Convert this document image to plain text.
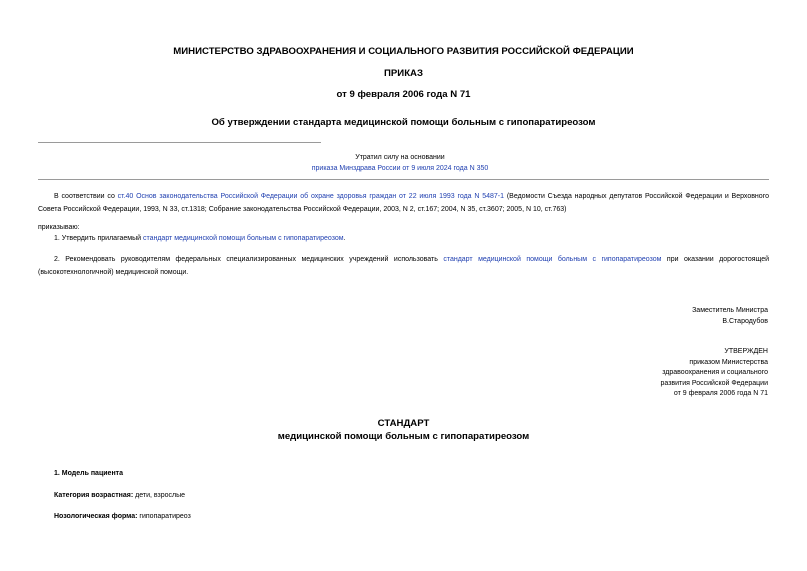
МИНИСТЕРСТВО ЗДРАВООХРАНЕНИЯ И СОЦИАЛЬНОГО РАЗВИТИЯ РОССИЙСКОЙ ФЕДЕРАЦИИ
ПРИКАЗ
от 9 февраля 2006 года N 71
Об утверждении стандарта медицинской помощи больным с гипопаратиреозом
Утратил силу на основании
приказа Минздрава России от 9 июля 2024 года N 350
В соответствии со ст.40 Основ законодательства Российской Федерации об охране здоровья граждан от 22 июля 1993 года N 5487-1 (Ведомости Съезда народных депутатов Российской Федерации и Верховного Совета Российской Федерации, 1993, N 33, ст.1318; Собрание законодательства Российской Федерации, 2003, N 2, ст.167; 2004, N 35, ст.3607; 2005, N 10, ст.763)
приказываю:
1. Утвердить прилагаемый стандарт медицинской помощи больным с гипопаратиреозом.
2. Рекомендовать руководителям федеральных специализированных медицинских учреждений использовать стандарт медицинской помощи больным с гипопаратиреозом при оказании дорогостоящей (высокотехнологичной) медицинской помощи.
Заместитель Министра
В.Стародубов
УТВЕРЖДЕН
приказом Министерства
здравоохранения и социального
развития Российской Федерации
от 9 февраля 2006 года N 71
СТАНДАРТ
медицинской помощи больным с гипопаратиреозом
1. Модель пациента
Категория возрастная: дети, взрослые
Нозологическая форма: гипопаратиреоз
